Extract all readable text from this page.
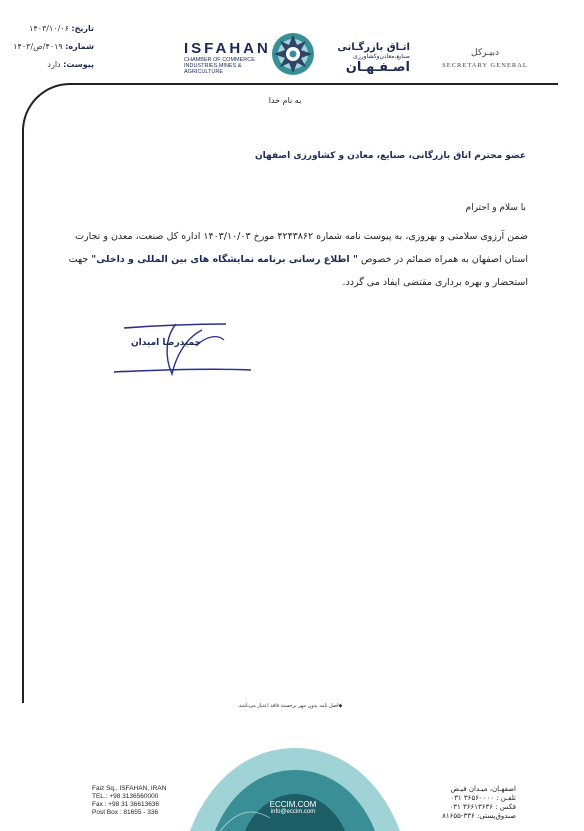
تاریخ: ۱۴۰۳/۱۰/۰۶
شماره: ۴۰۱۹/ص/۱۴۰۳
پیوست: دارد
ISFAHAN
CHAMBER OF COMMERCE
INDUSTRIES,MINES & AGRICULTURE
اتـاق بازرگـانی
صنایع،معادن‌وکشاورزی
اصـفـهـان
دبیـرکل
SECRETARY GENERAL
به نام خدا
عضو محترم اتاق بازرگانی، صنایع، معادن و کشاورزی اصفهان
با سلام و احترام
ضمن آرزوی سلامتی و بهروزی، به پیوست نامه شماره ۴۲۴۳۸۶۲ مورخ ۱۴۰۳/۱۰/۰۳ اداره کل صنعت، معدن و تجارت استان اصفهان به همراه ضمائم در خصوص " اطلاع رسانی برنامه نمایشگاه های بین المللی و داخلی" جهت استحضار و بهره برداری مقتضی ایفاد می گردد.
حمیدرضا امیدان
◆اصل نامه بدون مهر برجسته فاقد اعتبار می‌باشد.
ECCIM.COM
info@eccim.com
Faiz Sq., ISFAHAN, IRAN
TEL.: +98 3136560000
Fax : +98 31 36613636
Post Box : 81655 - 336
اصفهـان، میـدان فیـض
تلفـن : ۳۶۵۶۰۰۰۰ ۰۳۱
فکس : ۳۶۶۱۳۶۳۶ ۰۳۱
صندوق‌پستی: ۳۳۶-۸۱۶۵۵
